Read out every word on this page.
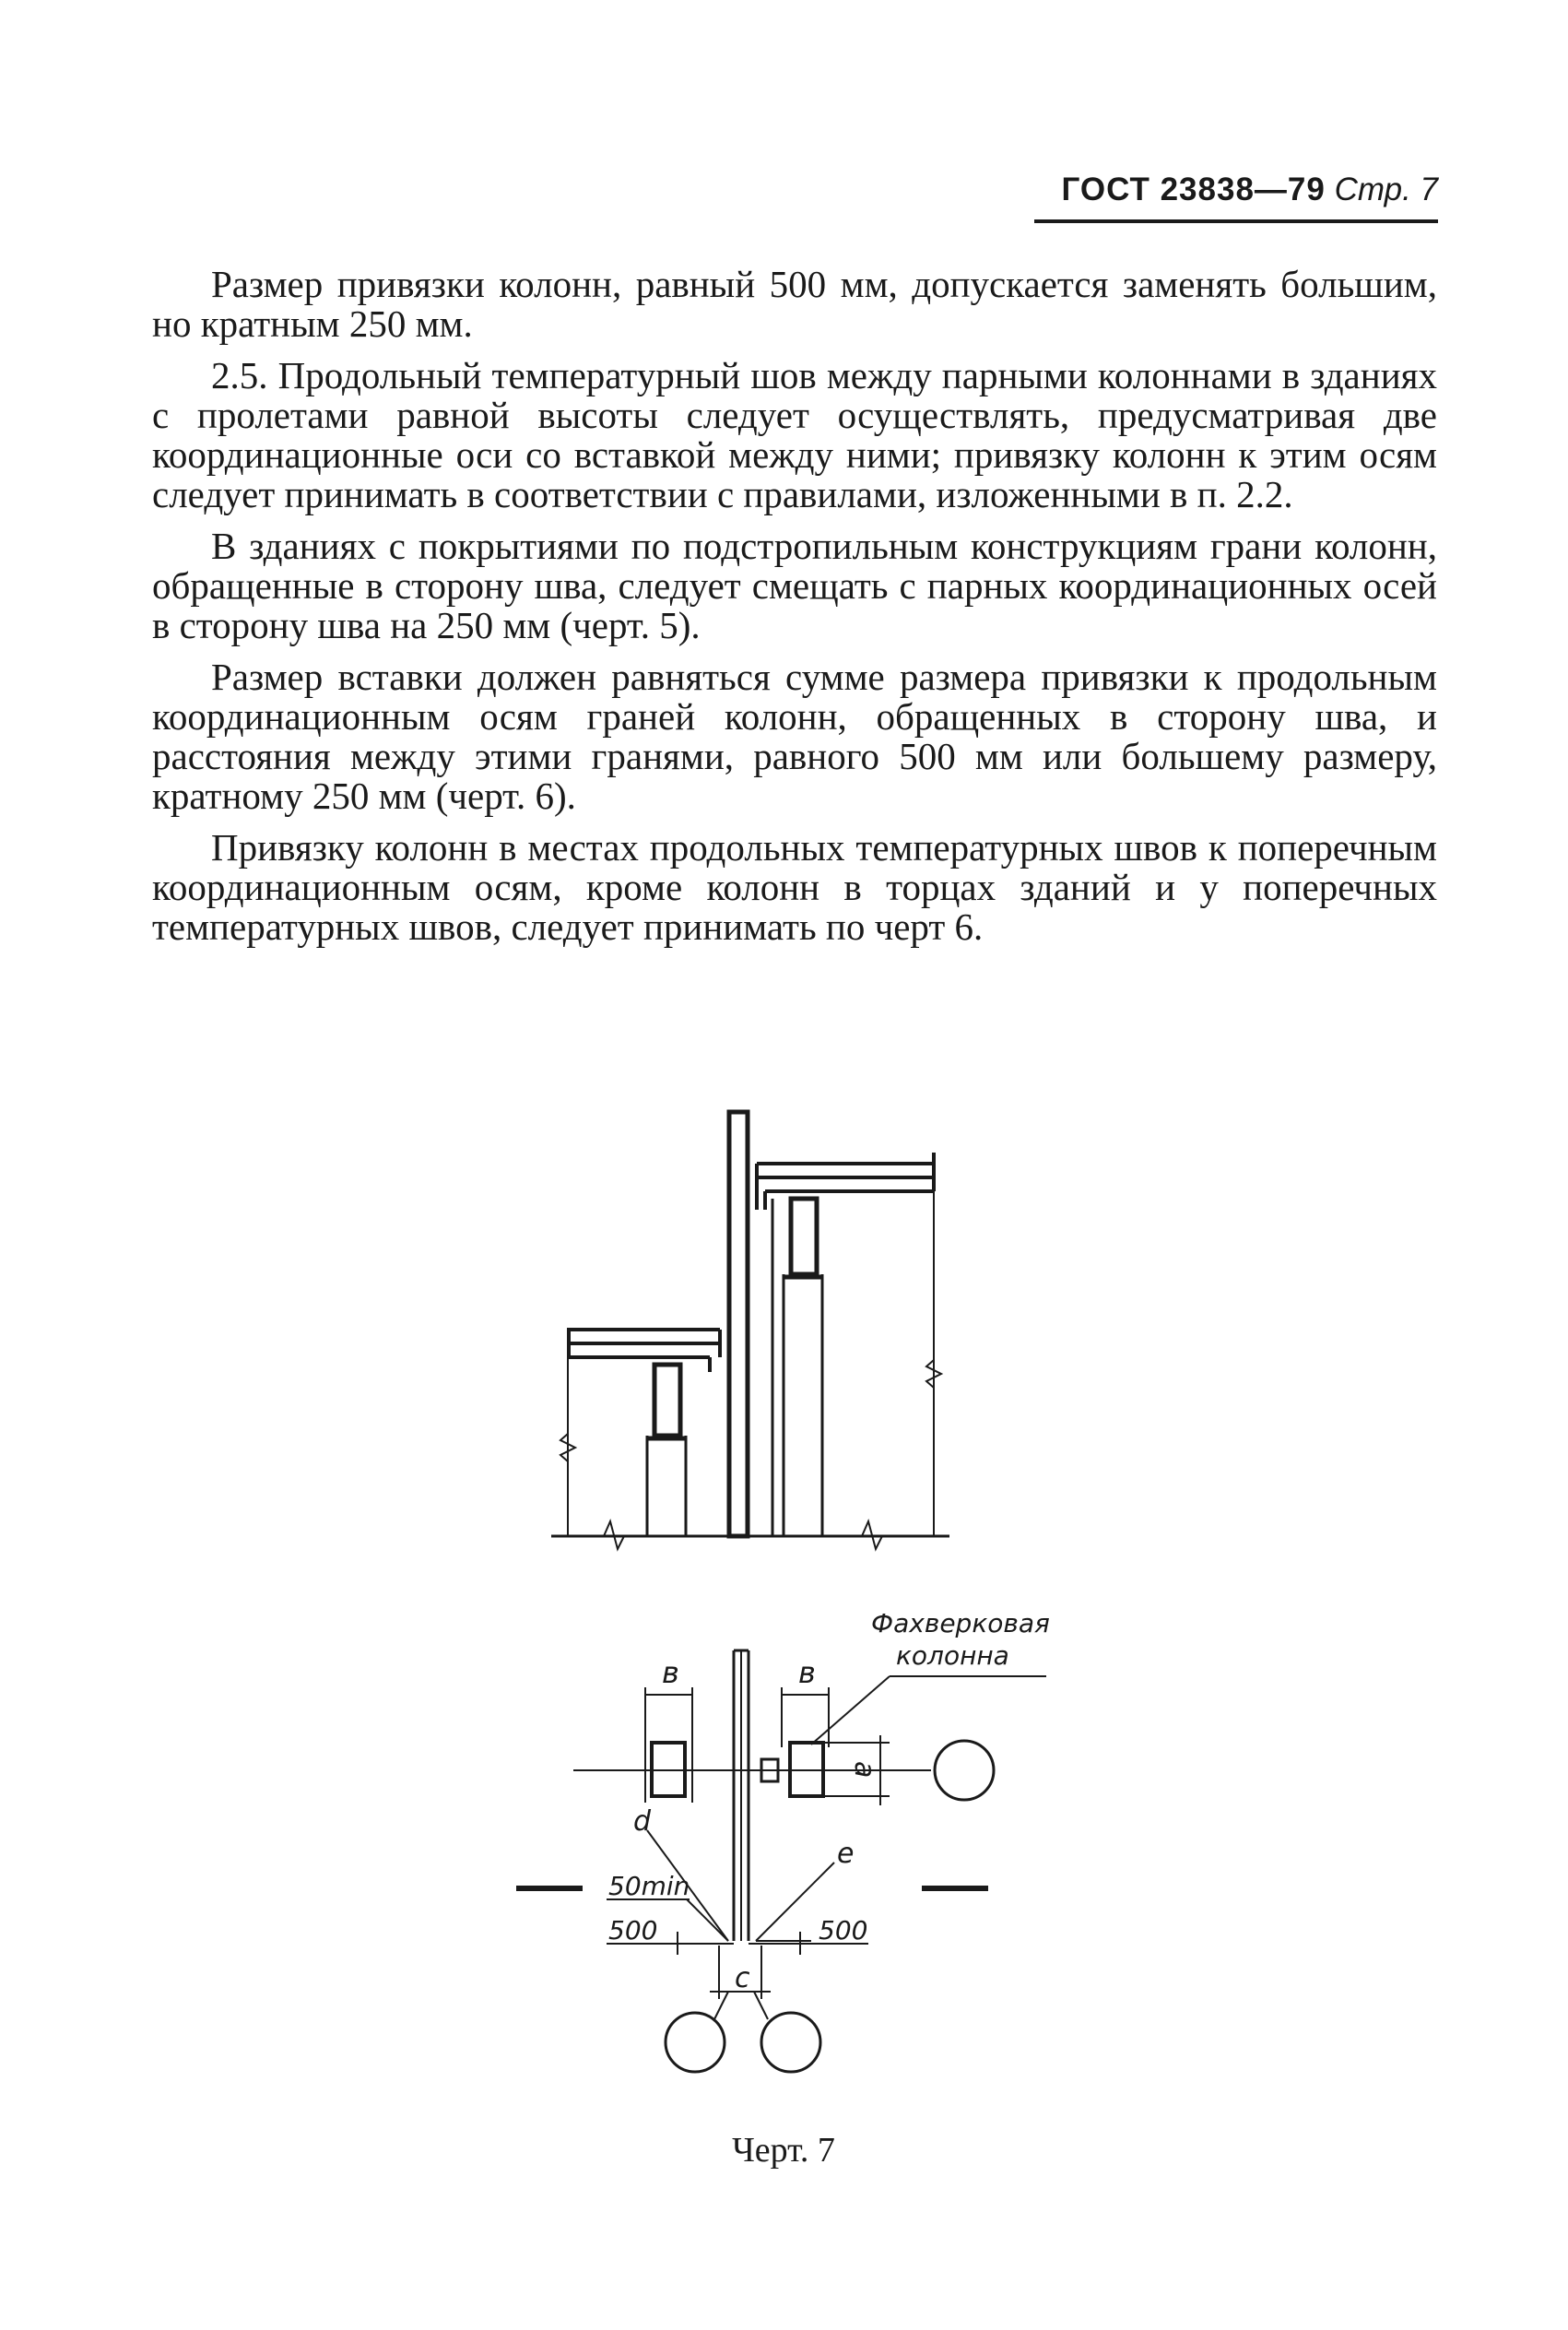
ГОСТ 23838—79 Стр. 7

Размер привязки колонн, равный 500 мм, допускается заменять большим, но кратным 250 мм.

2.5. Продольный температурный шов между парными колоннами в зданиях с пролетами равной высоты следует осуществлять, предусматривая две координационные оси со вставкой между ними; привязку колонн к этим осям следует принимать в соответствии с правилами, изложенными в п. 2.2.

В зданиях с покрытиями по подстропильным конструкциям грани колонн, обращенные в сторону шва, следует смещать с парных координационных осей в сторону шва на 250 мм (черт. 5).

Размер вставки должен равняться сумме размера привязки к продольным координационным осям граней колонн, обращенных в сторону шва, и расстояния между этими гранями, равного 500 мм или большему размеру, кратному 250 мм (черт. 6).

Привязку колонн в местах продольных температурных швов к поперечным координационным осям, кроме колонн в торцах зданий и у поперечных температурных швов, следует принимать по черт 6.

Фахверковая
колонна
в	в
а
d
е
50min
500	500
с
Черт. 7
